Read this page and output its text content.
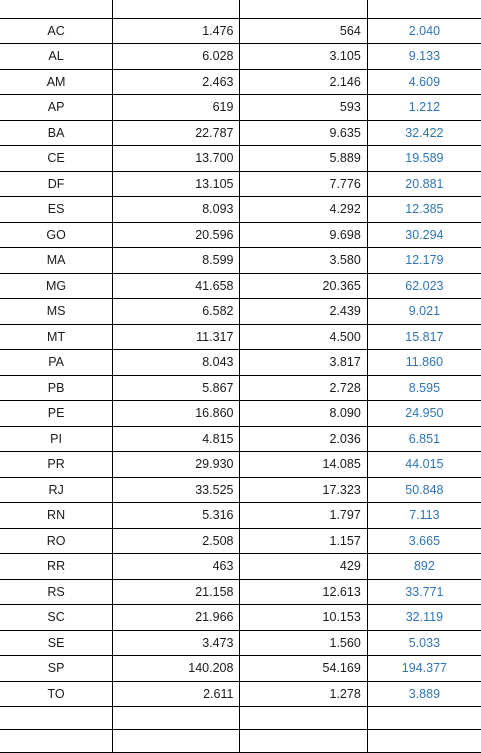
AC	1.476	564	2.040
AL	6.028	3.105	9.133
AM	2.463	2.146	4.609
AP	619	593	1.212
BA	22.787	9.635	32.422
CE	13.700	5.889	19.589
DF	13.105	7.776	20.881
ES	8.093	4.292	12.385
GO	20.596	9.698	30.294
MA	8.599	3.580	12.179
MG	41.658	20.365	62.023
MS	6.582	2.439	9.021
MT	11.317	4.500	15.817
PA	8.043	3.817	11.860
PB	5.867	2.728	8.595
PE	16.860	8.090	24.950
PI	4.815	2.036	6.851
PR	29.930	14.085	44.015
RJ	33.525	17.323	50.848
RN	5.316	1.797	7.113
RO	2.508	1.157	3.665
RR	463	429	892
RS	21.158	12.613	33.771
SC	21.966	10.153	32.119
SE	3.473	1.560	5.033
SP	140.208	54.169	194.377
TO	2.611	1.278	3.889
